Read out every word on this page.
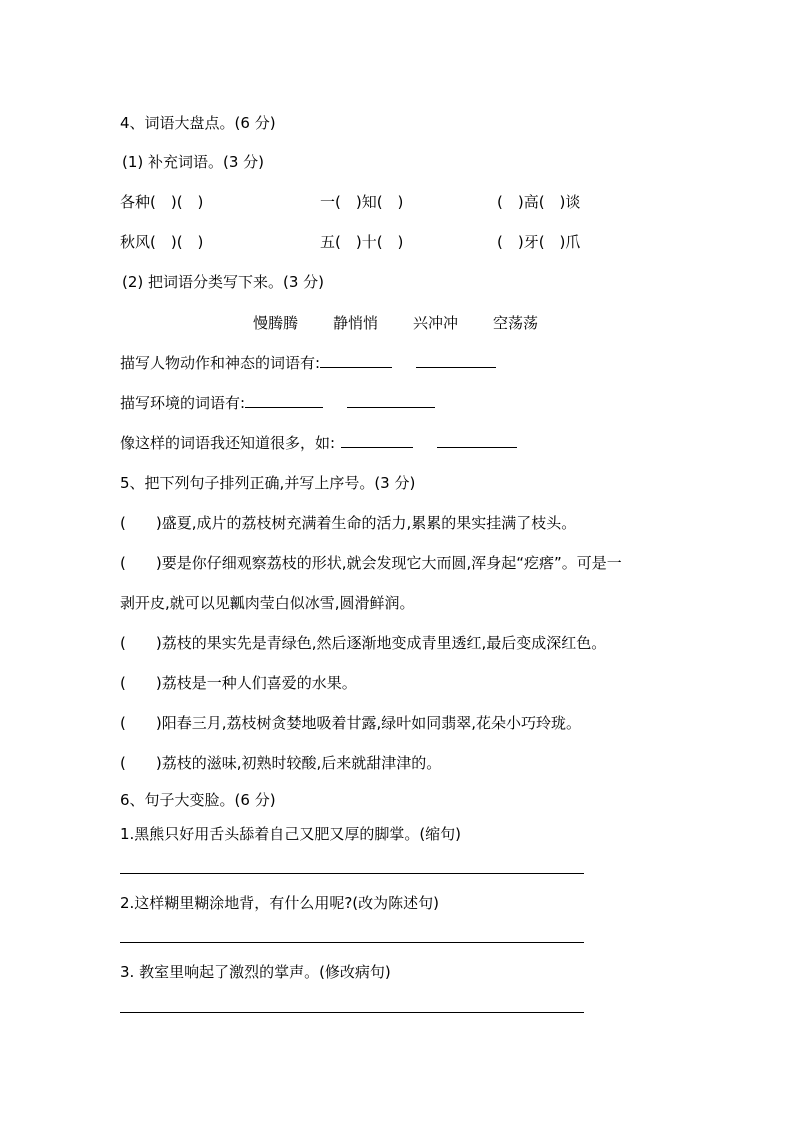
4、词语大盘点。(6 分)
(1) 补充词语。(3 分)
各种(　)(　)	一(　)知(　)	(　)高(　)谈
秋风(　)(　)	五(　)十(　)	(　)牙(　)爪
(2) 把词语分类写下来。(3 分)
慢腾腾 静悄悄 兴冲冲 空荡荡
描写人物动作和神态的词语有:
描写环境的词语有:
像这样的词语我还知道很多，如:
5、把下列句子排列正确,并写上序号。(3 分)
(　　)盛夏,成片的荔枝树充满着生命的活力,累累的果实挂满了枝头。
(　　)要是你仔细观察荔枝的形状,就会发现它大而圆,浑身起“疙瘩”。可是一
剥开皮,就可以见瓤肉莹白似冰雪,圆滑鲜润。
(　　)荔枝的果实先是青绿色,然后逐渐地变成青里透红,最后变成深红色。
(　　)荔枝是一种人们喜爱的水果。
(　　)阳春三月,荔枝树贪婪地吸着甘露,绿叶如同翡翠,花朵小巧玲珑。
(　　)荔枝的滋味,初熟时较酸,后来就甜津津的。
6、句子大变脸。(6 分)
1.黑熊只好用舌头舔着自己又肥又厚的脚掌。(缩句)
2.这样糊里糊涂地背，有什么用呢?(改为陈述句)
3. 教室里响起了激烈的掌声。(修改病句)
